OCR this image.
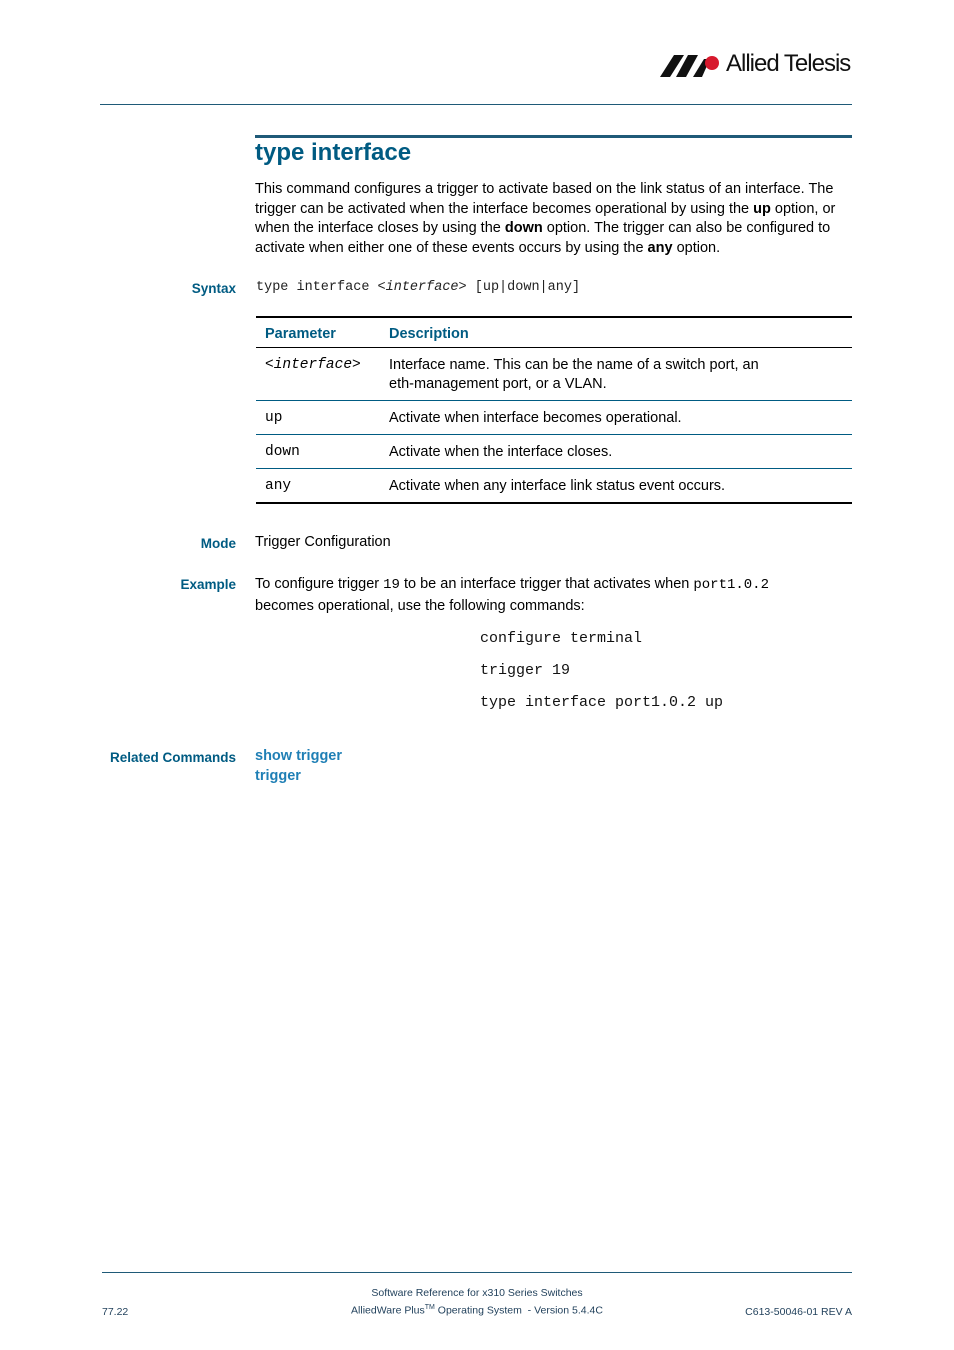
Allied Telesis
type interface
This command configures a trigger to activate based on the link status of an interface. The trigger can be activated when the interface becomes operational by using the up option, or when the interface closes by using the down option. The trigger can also be configured to activate when either one of these events occurs by using the any option.
Syntax type interface <interface> [up|down|any]
Parameter	Description
<interface>	Interface name. This can be the name of a switch port, an eth-management port, or a VLAN.
up	Activate when interface becomes operational.
down	Activate when the interface closes.
any	Activate when any interface link status event occurs.
Mode Trigger Configuration
Example To configure trigger 19 to be an interface trigger that activates when port1.0.2
becomes operational, use the following commands:
configure terminal
trigger 19
type interface port1.0.2 up
Related Commands show trigger
trigger
Software Reference for x310 Series Switches
AlliedWare Plus™ Operating System  - Version 5.4.4C
77.22	C613-50046-01 REV A
